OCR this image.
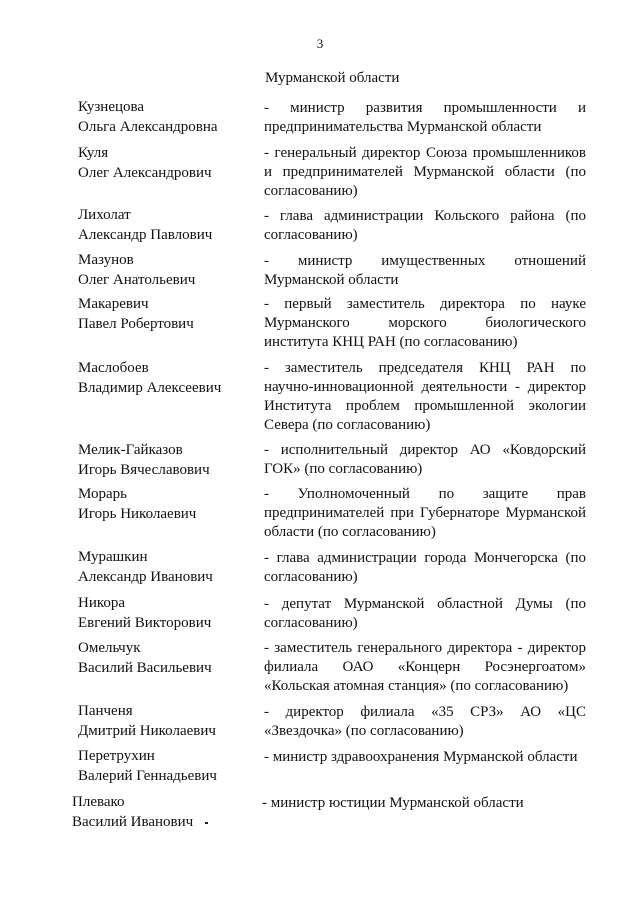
3
Мурманской области
Кузнецова
Ольга Александровна
- министр развития промышленности и
предпринимательства Мурманской области
Куля
Олег Александрович
- генеральный директор Союза промышленников
и предпринимателей Мурманской области (по
согласованию)
Лихолат
Александр Павлович
- глава администрации Кольского района (по
согласованию)
Мазунов
Олег Анатольевич
- министр имущественных отношений
Мурманской области
Макаревич
Павел Робертович
- первый заместитель директора по науке
Мурманского морского биологического
института КНЦ РАН (по согласованию)
Маслобоев
Владимир Алексеевич
- заместитель председателя КНЦ РАН по
научно-инновационной деятельности - директор
Института проблем промышленной экологии
Севера (по согласованию)
Мелик-Гайказов
Игорь Вячеславович
- исполнительный директор АО «Ковдорский
ГОК» (по согласованию)
Морарь
Игорь Николаевич
- Уполномоченный по защите прав
предпринимателей при Губернаторе Мурманской
области (по согласованию)
Мурашкин
Александр Иванович
- глава администрации города Мончегорска (по
согласованию)
Никора
Евгений Викторович
- депутат Мурманской областной Думы (по
согласованию)
Омельчук
Василий Васильевич
- заместитель генерального директора - директор
филиала ОАО «Концерн Росэнергоатом»
«Кольская атомная станция» (по согласованию)
Панченя
Дмитрий Николаевич
- директор филиала «35 СРЗ» АО «ЦС
«Звездочка» (по согласованию)
Перетрухин
Валерий Геннадьевич
- министр здравоохранения Мурманской области
Плевако
Василий Иванович
- министр юстиции Мурманской области
